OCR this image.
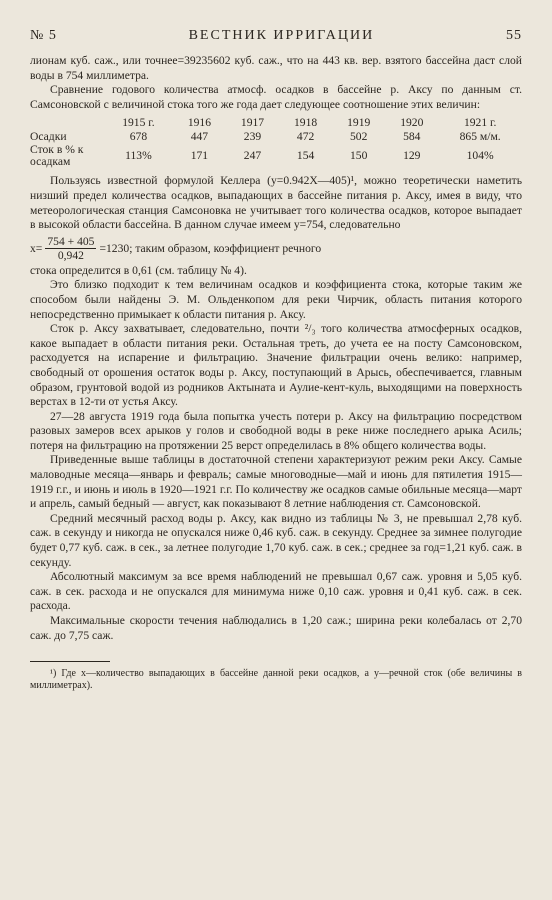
№ 5	ВЕСТНИК ИРРИГАЦИИ	55

лионам куб. саж., или точнее=39235602 куб. саж., что на 443 кв. вер. взятого бассейна даст слой воды в 754 миллиметра.

Сравнение годового количества атмосф. осадков в бассейне р. Аксу по данным ст. Самсоновской с величиной стока того же года дает следующее соотношение этих величин:

	1915 г.	1916	1917	1918	1919	1920	1921 г.
Осадки	678	447	239	472	502	584	865 м/м.
Сток в % к осадкам	113%	171	247	154	150	129	104%

Пользуясь известной формулой Келлера (y=0.942X—405)¹, можно теоретически наметить низший предел количества осадков, выпадающих в бассейне питания р. Аксу, имея в виду, что метеорологическая станция Самсоновка не учитывает того количества осадков, которое выпадает в высокой области бассейна. В данном случае имеем y=754, следовательно

$x= \frac{754 + 405}{0,942} =1230$; таким образом, коэффициент речного

стока определится в 0,61 (см. таблицу № 4).

Это близко подходит к тем величинам осадков и коэффициента стока, которые таким же способом были найдены Э. М. Ольденкопом для реки Чирчик, область питания которого непосредственно примыкает к области питания р. Аксу.

Сток р. Аксу захватывает, следовательно, почти ²/₃ того количества атмосферных осадков, какое выпадает в области питания реки. Остальная треть, до учета ее на посту Самсоновском, расходуется на испарение и фильтрацию. Значение фильтрации очень велико: например, свободный от орошения остаток воды р. Аксу, поступающий в Арысь, обеспечивается, главным образом, грунтовой водой из родников Актыната и Аулие-кент-куль, выходящими на поверхность верстах в 12-ти от устья Аксу.

27—28 августа 1919 года была попытка учесть потери р. Аксу на фильтрацию посредством разовых замеров всех арыков у голов и свободной воды в реке ниже последнего арыка Асиль; потеря на фильтрацию на протяжении 25 верст определилась в 8% общего количества воды.

Приведенные выше таблицы в достаточной степени характеризуют режим реки Аксу. Самые маловодные месяца—январь и февраль; самые многоводные—май и июнь для пятилетия 1915—1919 г.г., и июнь и июль в 1920—1921 г.г. По количеству же осадков самые обильные месяца—март и апрель, самый бедный — август, как показывают 8 летние наблюдения ст. Самсоновской.

Средний месячный расход воды р. Аксу, как видно из таблицы № 3, не превышал 2,78 куб. саж. в секунду и никогда не опускался ниже 0,46 куб. саж. в секунду. Среднее за зимнее полугодие будет 0,77 куб. саж. в сек., за летнее полугодие 1,70 куб. саж. в сек.; среднее за год=1,21 куб. саж. в секунду.

Абсолютный максимум за все время наблюдений не превышал 0,67 саж. уровня и 5,05 куб. саж. в сек. расхода и не опускался для минимума ниже 0,10 саж. уровня и 0,41 куб. саж. в сек. расхода.

Максимальные скорости течения наблюдались в 1,20 саж.; ширина реки колебалась от 2,70 саж. до 7,75 саж.

¹) Где x—количество выпадающих в бассейне данной реки осадков, а y—речной сток (обе величины в миллиметрах).
